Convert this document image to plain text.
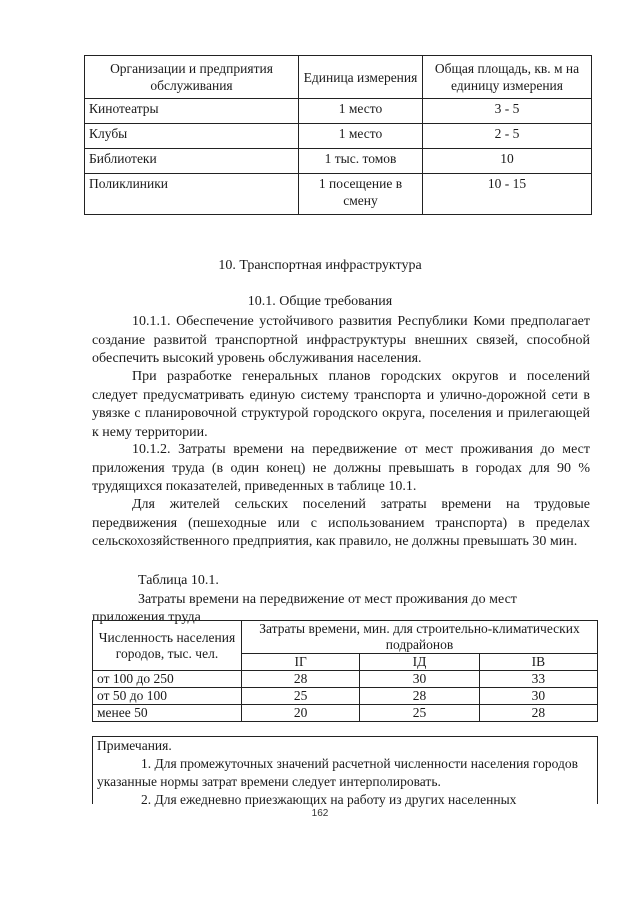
Организации и предприятия обслуживания	Единица измерения	Общая площадь, кв. м на единицу измерения
Кинотеатры	1 место	3 - 5
Клубы	1 место	2 - 5
Библиотеки	1 тыс. томов	10
Поликлиники	1 посещение в смену	10 - 15
10. Транспортная инфраструктура
10.1. Общие требования
10.1.1. Обеспечение устойчивого развития Республики Коми предполагает создание развитой транспортной инфраструктуры внешних связей, способной обеспечить высокий уровень обслуживания населения.
При разработке генеральных планов городских округов и поселений следует предусматривать единую систему транспорта и улично-дорожной сети в увязке с планировочной структурой городского округа, поселения и прилегающей к нему территории.
10.1.2. Затраты времени на передвижение от мест проживания до мест приложения труда (в один конец) не должны превышать в городах для 90 % трудящихся показателей, приведенных в таблице 10.1.
Для жителей сельских поселений затраты времени на трудовые передвижения (пешеходные или с использованием транспорта) в пределах сельскохозяйственного предприятия, как правило, не должны превышать 30 мин.
Таблица 10.1.
Затраты времени на передвижение от мест проживания до мест приложения труда
Численность населения городов, тыс. чел.	Затраты времени, мин. для строительно-климатических подрайонов		
	IГ	IД	IВ
от 100 до 250	28	30	33
от 50 до 100	25	28	30
менее 50	20	25	28
Примечания.
1. Для промежуточных значений расчетной численности населения городов указанные нормы затрат времени следует интерполировать.
2. Для ежедневно приезжающих на работу из других населенных
162
